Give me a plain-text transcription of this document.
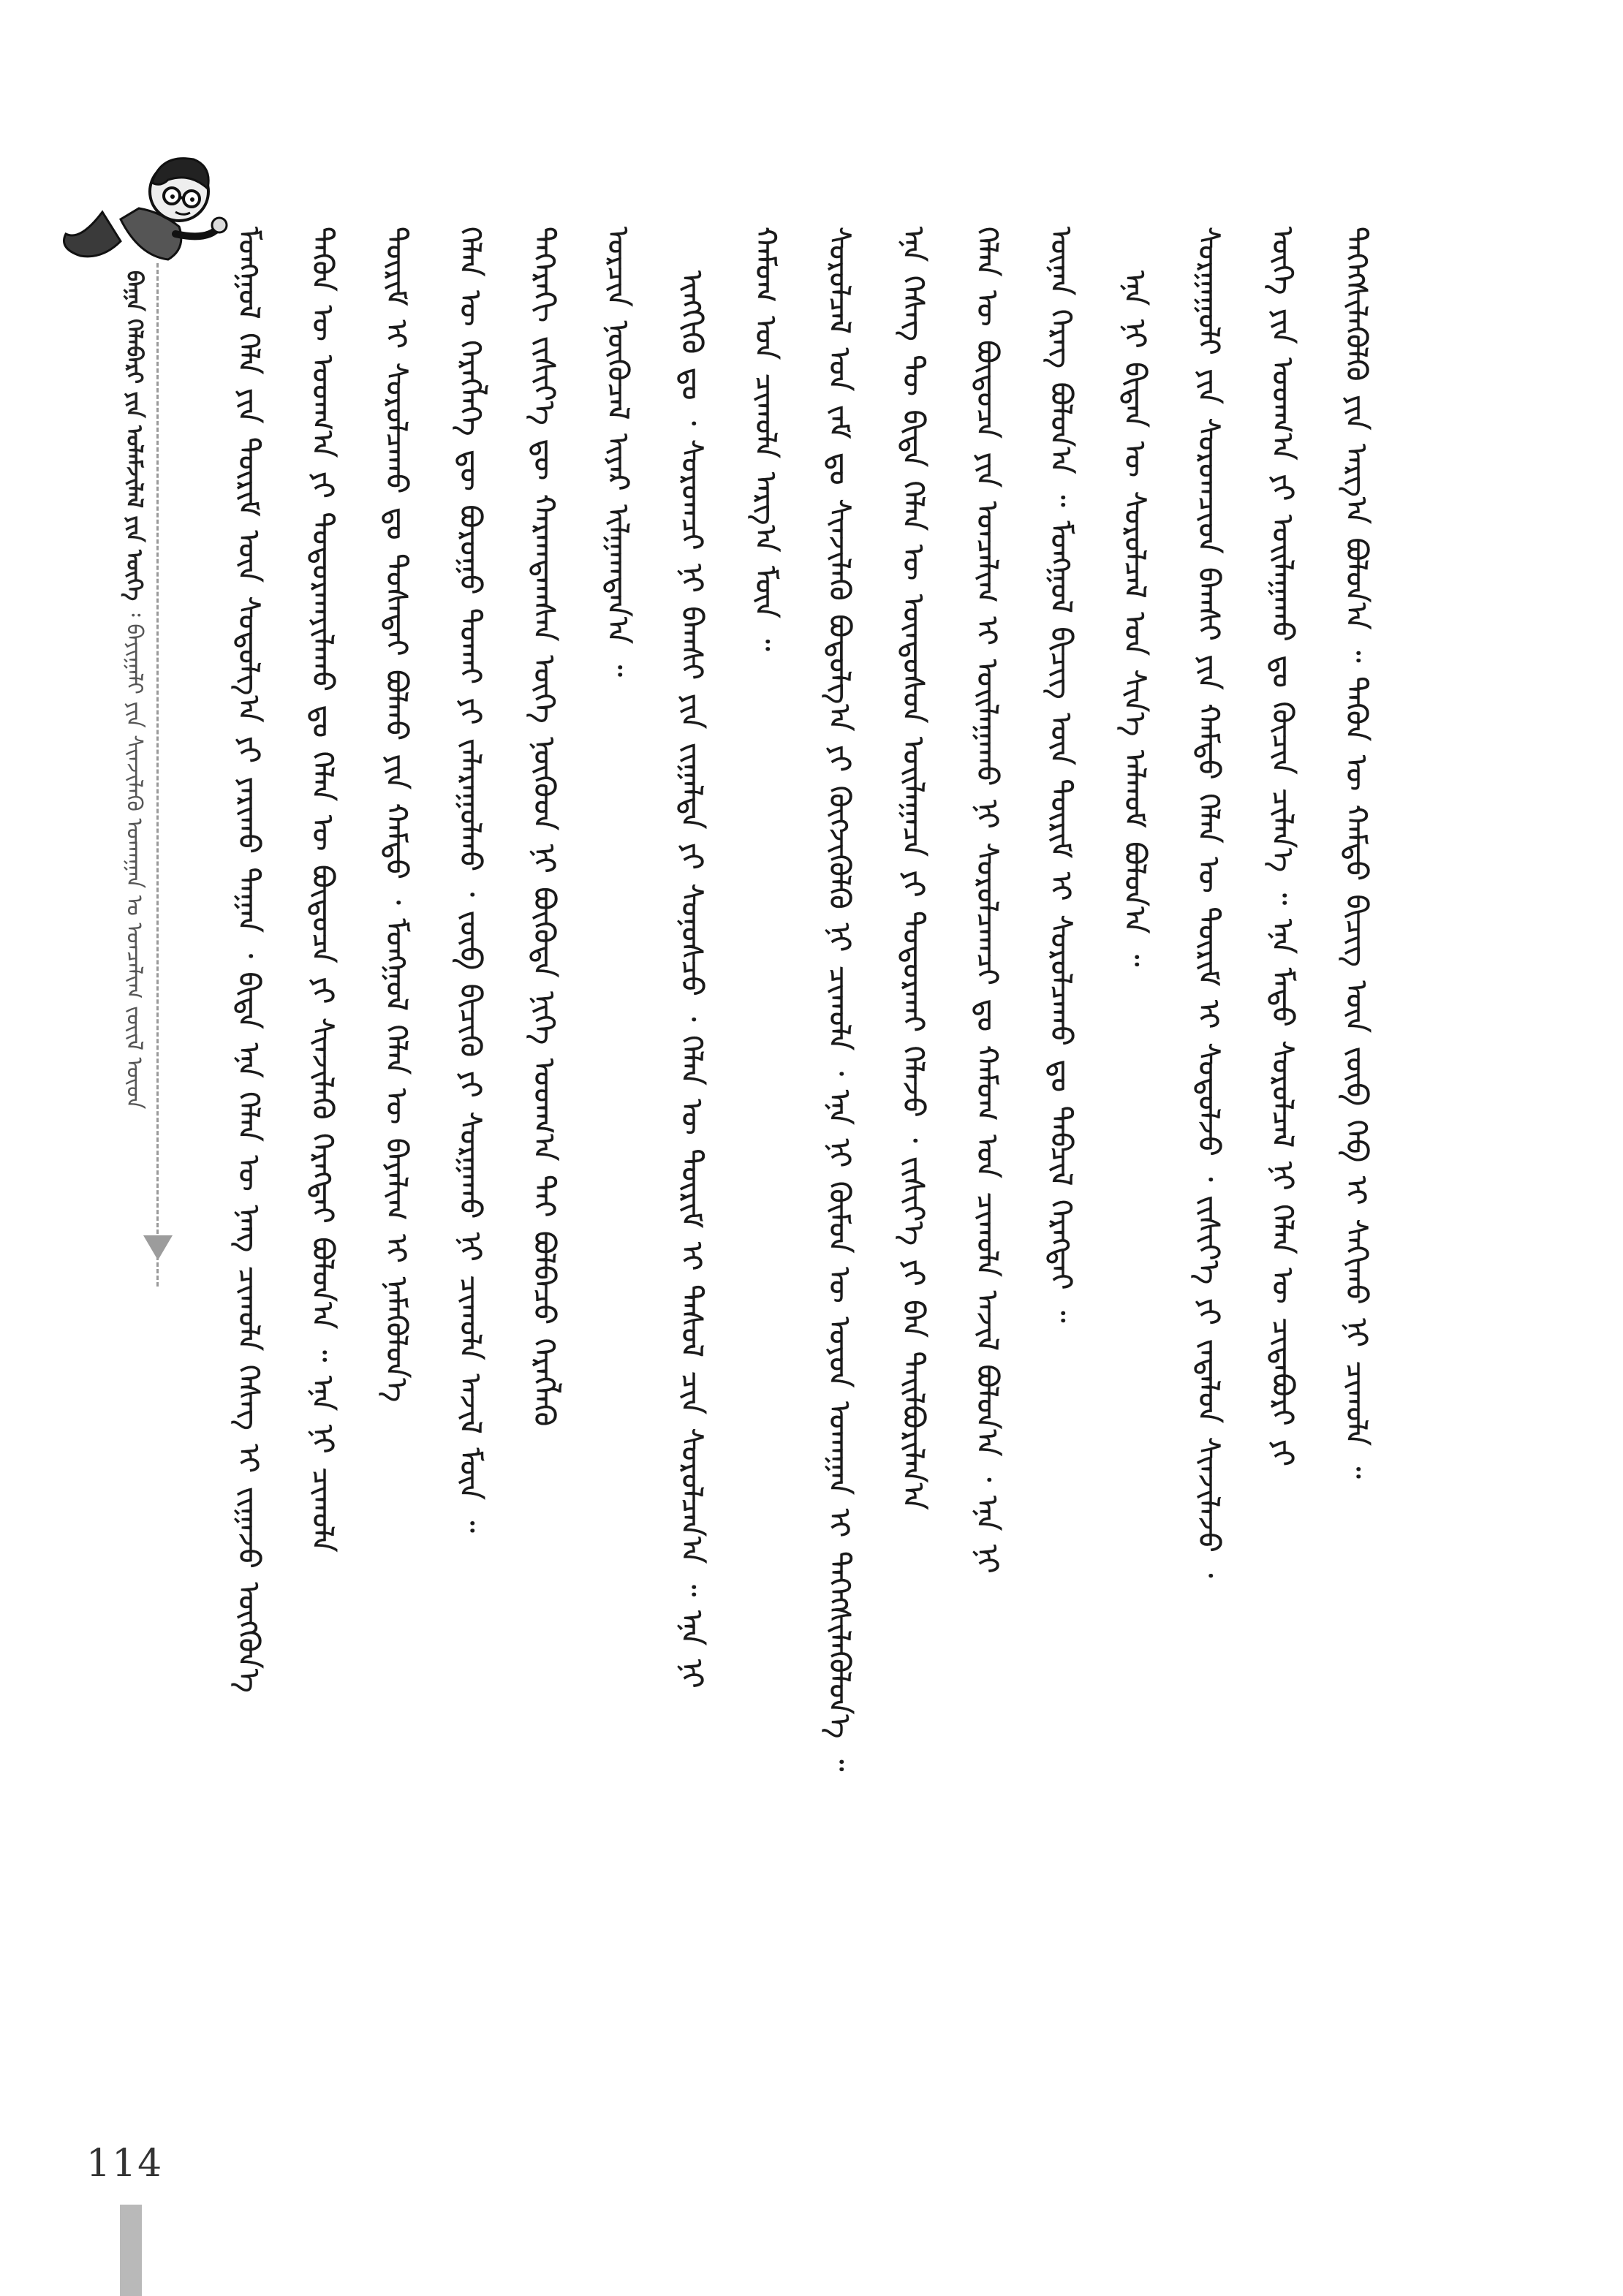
ᠪᠠᠭᠠ ᠬᠡᠯᠡᠪᠡᠷᠢ ᠶᠢᠨ ᠤᠯᠠᠮᠵᠢᠯᠠᠯ ᠶᠢᠨ ᠦᠭᠡ ᠄ ᠪᠠᠶᠢᠭᠠᠯᠢ ᠶᠢᠨ ᠰᠢᠨᠵᠢᠯᠡᠬᠦ ᠤᠬᠠᠭᠠᠨ ᠤ ᠣᠨᠴᠠᠯᠢᠭ ᠵᠦᠢᠯ ᠦᠳ
114
ᠮᠣᠩᠭᠣᠯ ᠬᠡᠯᠡ ᠶᠢᠨ ᠳᠦᠷᠢᠮ ᠦᠨ ᠰᠤᠳᠤᠯᠭ᠎ᠠ ᠶᠢ ᠶᠠᠷᠢᠬᠤ ᠳᠠᠭᠠᠨ ᠂ ᠪᠢᠳᠡ ᠡᠨᠡ ᠬᠡᠯᠡᠨ ᠦ ᠨᠡᠩ ᠴᠢᠬᠤᠯᠠ ᠬᠡᠰᠡᠭ ᠢ ᠵᠢᠭᠠᠵᠤ ᠦᠭᠭᠦᠨ᠎ᠡ	ᠲᠡᠭᠦᠨ ᠦ ᠤᠳᠬ᠎ᠠ ᠶᠢ ᠲᠣᠳᠣᠷᠬᠠᠶᠢᠯᠠᠬᠤ ᠳᠤ ᠬᠡᠯᠡᠨ ᠦ ᠪᠦᠲᠦᠴᠡ ᠶᠢ ᠰᠢᠨᠵᠢᠯᠡᠬᠦ ᠬᠡᠷᠡᠭᠲᠡᠢ ᠪᠣᠯᠣᠨ᠎ᠠ ᠃ ᠡᠨᠡ ᠨᠢ ᠴᠢᠬᠤᠯᠠ	ᠳᠦᠷᠢᠮ ᠢ ᠰᠤᠷᠤᠯᠴᠠᠬᠤ ᠳᠤ ᠲᠤᠰᠠᠲᠠᠢ ᠪᠣᠯᠬᠤ ᠶᠢᠨ ᠬᠠᠮᠲᠤ ᠂ ᠮᠣᠩᠭᠣᠯ ᠬᠡᠯᠡᠨ ᠦ ᠪᠠᠶᠠᠯᠢᠭ ᠢ ᠨᠡᠮᠡᠭᠦᠯᠦᠨ᠎ᠡ	ᠬᠡᠯᠡᠨ ᠦ ᠬᠡᠷᠡᠭᠯᠡᠭᠡ ᠳᠦ ᠪᠤᠷᠤᠭᠤ ᠲᠤᠬᠠᠢ ᠶᠢ ᠵᠠᠯᠠᠷᠠᠭᠤᠯᠬᠤ ᠂ ᠵᠥᠪ ᠪᠢᠴᠢᠬᠦ ᠶᠢ ᠰᠤᠷᠭᠠᠬᠤ ᠨᠢ ᠴᠢᠬᠤᠯᠠ ᠠᠵᠢᠯ ᠮᠥᠨ ᠃	ᠳᠡᠭᠡᠷᠡᠬᠢ ᠵᠢᠱᠢᠶ᠎ᠡ ᠳᠦ ᠬᠠᠷᠠᠭᠳᠠᠭᠰᠠᠨ ᠦᠭᠡ ᠨᠦᠭᠦᠳ ᠨᠢ ᠪᠦᠭᠦᠳᠡ ᠨᠢᠭᠡ ᠤᠳᠬ᠎ᠠ ᠲᠠᠢ ᠪᠣᠯᠪᠠᠴᠤ ᠬᠡᠷᠡᠭᠯᠡᠬᠦ	ᠣᠷᠴᠢᠨ ᠨᠥᠬᠦᠴᠡᠯ ᠢᠶᠡᠷ ᠢᠯᠭᠠᠭᠳᠠᠨ᠎ᠠ ᠃	ᠢᠩᠭᠢᠬᠦ ᠳᠤ ᠂ ᠰᠤᠷᠤᠭᠴᠢ ᠨᠢ ᠪᠠᠭᠰᠢ ᠶᠢᠨ ᠵᠢᠭᠠᠯᠲᠠ ᠶᠢ ᠰᠣᠨᠣᠰᠴᠤ ᠂ ᠬᠡᠯᠡᠨ ᠦ ᠳᠦᠷᠢᠮ ᠢ ᠳᠠᠰᠤᠯ ᠴᠢᠨ ᠰᠤᠷᠤᠯᠴᠠᠨ᠎ᠠ ᠃ ᠡᠨᠡ ᠨᠢ	ᠬᠠᠮᠤᠭ ᠤᠨ ᠴᠢᠬᠤᠯᠠ ᠠᠷᠭ᠎ᠠ ᠮᠥᠨ ᠃	ᠰᠤᠷᠤᠯᠴᠠᠯ ᠤᠨ ᠵᠠᠮ ᠳᠤ ᠰᠢᠨᠵᠢᠯᠡᠬᠦ ᠪᠣᠳᠣᠯᠭ᠎ᠠ ᠶᠢ ᠬᠥᠭᠵᠢᠭᠦᠯᠬᠦ ᠨᠢ ᠴᠢᠬᠤᠯᠠ ᠂ ᠡᠨᠡ ᠨᠢ ᠬᠦᠮᠦᠨ ᠦ ᠣᠶᠤᠨ ᠤᠬᠠᠭᠠᠨ ᠢ ᠳᠡᠭᠡᠭᠰᠢᠯᠡᠭᠦᠯᠦᠨ᠎ᠡ ᠃	ᠡᠨᠡ ᠬᠡᠰᠡᠭ ᠲᠦ ᠪᠢᠳᠡ ᠬᠡᠯᠡᠨ ᠦ ᠦᠨᠳᠦᠰᠦᠨ ᠣᠢᠯᠠᠭᠠᠴᠠ ᠶᠢ ᠲᠣᠳᠣᠷᠬᠠᠢ ᠬᠡᠯᠡᠵᠦ ᠂ ᠵᠢᠱᠢᠶ᠎ᠡ ᠶᠢ ᠪᠡᠨ ᠲᠠᠢᠯᠪᠤᠷᠢᠯᠠᠨ᠎ᠠ	ᠬᠡᠯᠡᠨ ᠦ ᠪᠦᠲᠦᠴᠡ ᠶᠢᠨ ᠣᠨᠴᠠᠯᠢᠭ ᠢ ᠣᠢᠯᠠᠭᠠᠬᠤ ᠨᠢ ᠰᠤᠷᠤᠯᠴᠠᠭᠴᠢ ᠳᠤ ᠬᠠᠮᠤᠭ ᠤᠨ ᠴᠢᠬᠤᠯᠠ ᠠᠵᠢᠯ ᠪᠣᠯᠤᠨ᠎ᠠ ᠂ ᠡᠨᠡ ᠨᠢ	ᠦᠨᠡᠨ ᠬᠡᠷᠡᠭ ᠪᠣᠯᠤᠨ᠎ᠠ ᠃ ᠮᠣᠩᠭᠣᠯ ᠪᠢᠴᠢᠭ ᠦᠨ ᠳᠦᠷᠢᠮ ᠢ ᠰᠤᠷᠤᠯᠴᠠᠬᠤ ᠳᠤ ᠲᠡᠪᠴᠢᠯ ᠬᠡᠷᠡᠭᠲᠡᠢ ᠃	ᠡᠨᠡ ᠨᠢ ᠪᠢᠳᠡᠨ ᠦ ᠰᠤᠷᠤᠯᠴᠠᠯ ᠤᠨ ᠰᠢᠨ᠎ᠡ ᠠᠯᠬᠤᠮ ᠪᠣᠯᠤᠨ᠎ᠠ ᠃	ᠰᠤᠷᠭᠠᠭᠤᠯᠢ ᠶᠢᠨ ᠰᠤᠷᠤᠭᠴᠢᠳ ᠪᠠᠭᠰᠢ ᠶᠢᠨ ᠬᠠᠮᠲᠤ ᠬᠡᠯᠡᠨ ᠦ ᠳᠦᠷᠢᠮ ᠢ ᠰᠤᠳᠤᠯᠵᠤ ᠂ ᠵᠢᠱᠢᠶ᠎ᠡ ᠶᠢ ᠵᠠᠳᠠᠯᠤᠨ ᠰᠢᠨᠵᠢᠯᠡᠵᠦ ᠂	ᠦᠭᠡ ᠶᠢᠨ ᠤᠳᠬ᠎ᠠ ᠶᠢ ᠣᠢᠯᠠᠭᠠᠬᠤ ᠳᠤ ᠬᠦᠴᠢᠨ ᠴᠢᠯᠡᠨ᠎ᠡ ᠃ ᠡᠨᠡ ᠮᠡᠲᠦ ᠰᠤᠷᠤᠯᠴᠠᠯ ᠨᠢ ᠬᠡᠯᠡᠨ ᠦ ᠴᠢᠳᠠᠪᠤᠷᠢ ᠶᠢ	ᠳᠡᠭᠡᠭᠰᠢᠯᠡᠭᠦᠯᠬᠦ ᠶᠢᠨ ᠠᠷᠭ᠎ᠠ ᠪᠣᠯᠤᠨ᠎ᠠ ᠃ ᠲᠡᠭᠦᠨ ᠦ ᠬᠠᠮᠲᠤ ᠪᠢᠴᠢᠭ ᠦᠨ ᠵᠥᠪ ᠬᠡᠪ ᠢ ᠰᠠᠬᠢᠬᠤ ᠨᠢ ᠴᠢᠬᠤᠯᠠ ᠃
